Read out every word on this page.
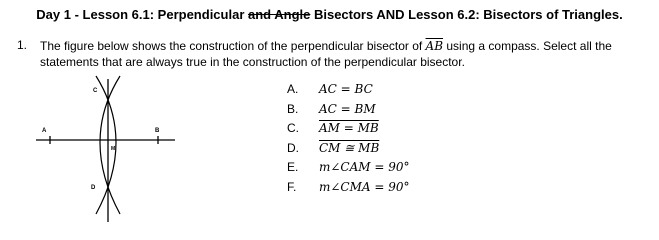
Day 1 - Lesson 6.1: Perpendicular and Angle Bisectors AND Lesson 6.2: Bisectors of Triangles.
1. The figure below shows the construction of the perpendicular bisector of $\overline{AB}$ using a compass. Select all the statements that are always true in the construction of the perpendicular bisector.
A	B
C
D
M
A.	AC = BC
B.	AC = BM
C.	AM = MB
D.	CM ≅ MB
E.	m∠CAM = 90°
F.	m∠CMA = 90°
